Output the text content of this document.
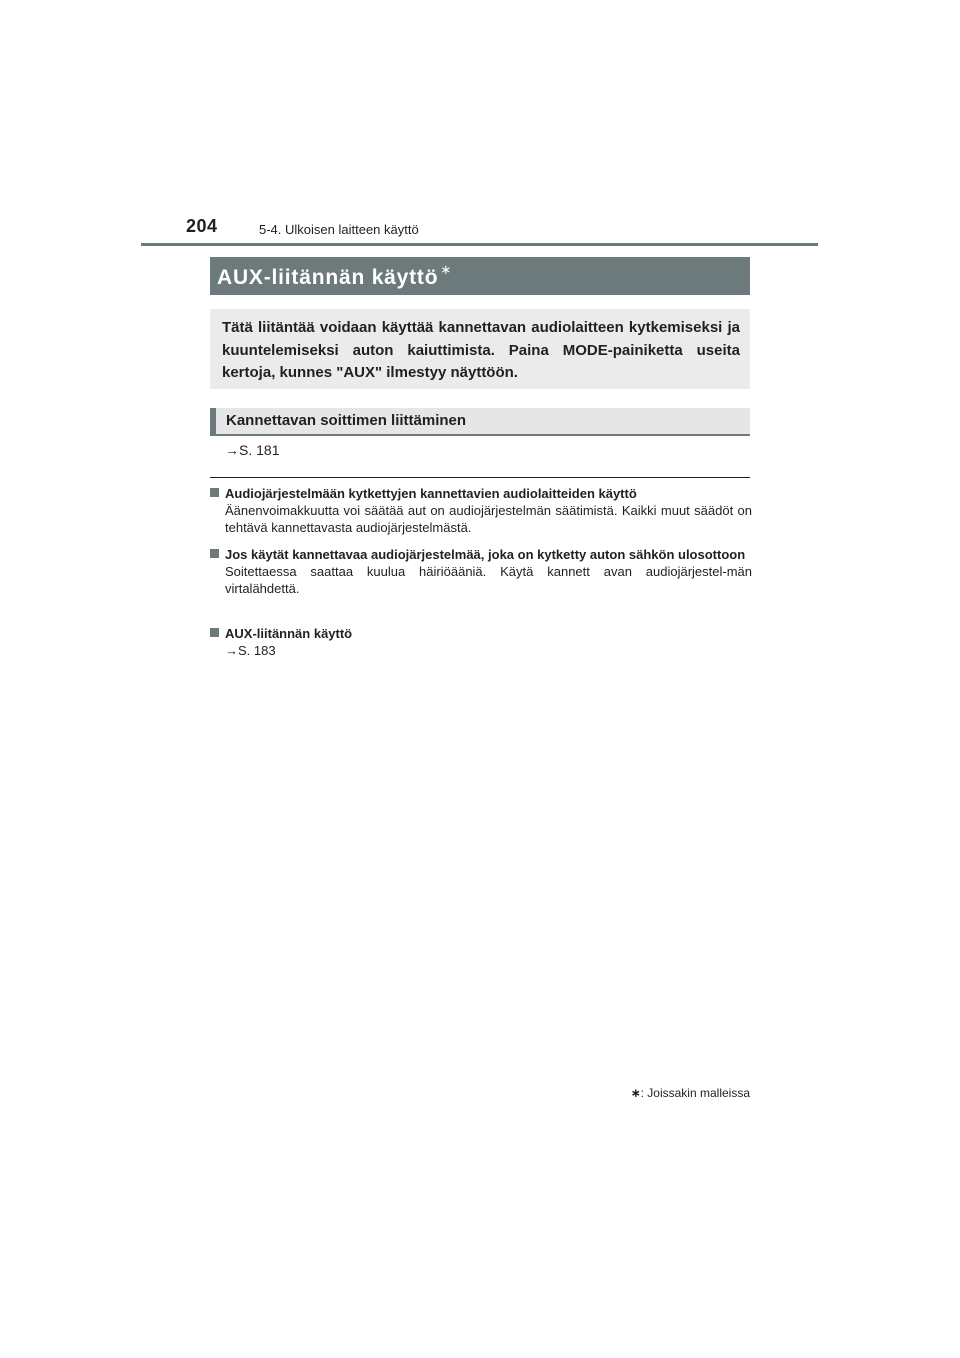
204	5-4. Ulkoisen laitteen käyttö
AUX-liitännän käyttö ∗
Tätä liitäntää voidaan käyttää kannettavan audiolaitteen kytkemiseksi ja kuuntelemiseksi auton kaiuttimista. Paina MODE-painiketta useita kertoja, kunnes "AUX" ilmestyy näyttöön.
Kannettavan soittimen liittäminen
→S. 181
Audiojärjestelmään kytkettyjen kannettavien audiolaitteiden käyttö
Äänenvoimakkuutta voi säätää aut on audiojärjestelmän säätimistä. Kaikki muut säädöt on tehtävä kannettavasta audiojärjestelmästä.
Jos käytät kannettavaa audiojärjestelmää, joka on kytketty auton sähkön ulosottoon
Soitettaessa saattaa kuulua häiriöääniä. Käytä kannett avan audiojärjestel-män virtalähdettä.
AUX-liitännän käyttö
→S. 183
∗: Joissakin malleissa
